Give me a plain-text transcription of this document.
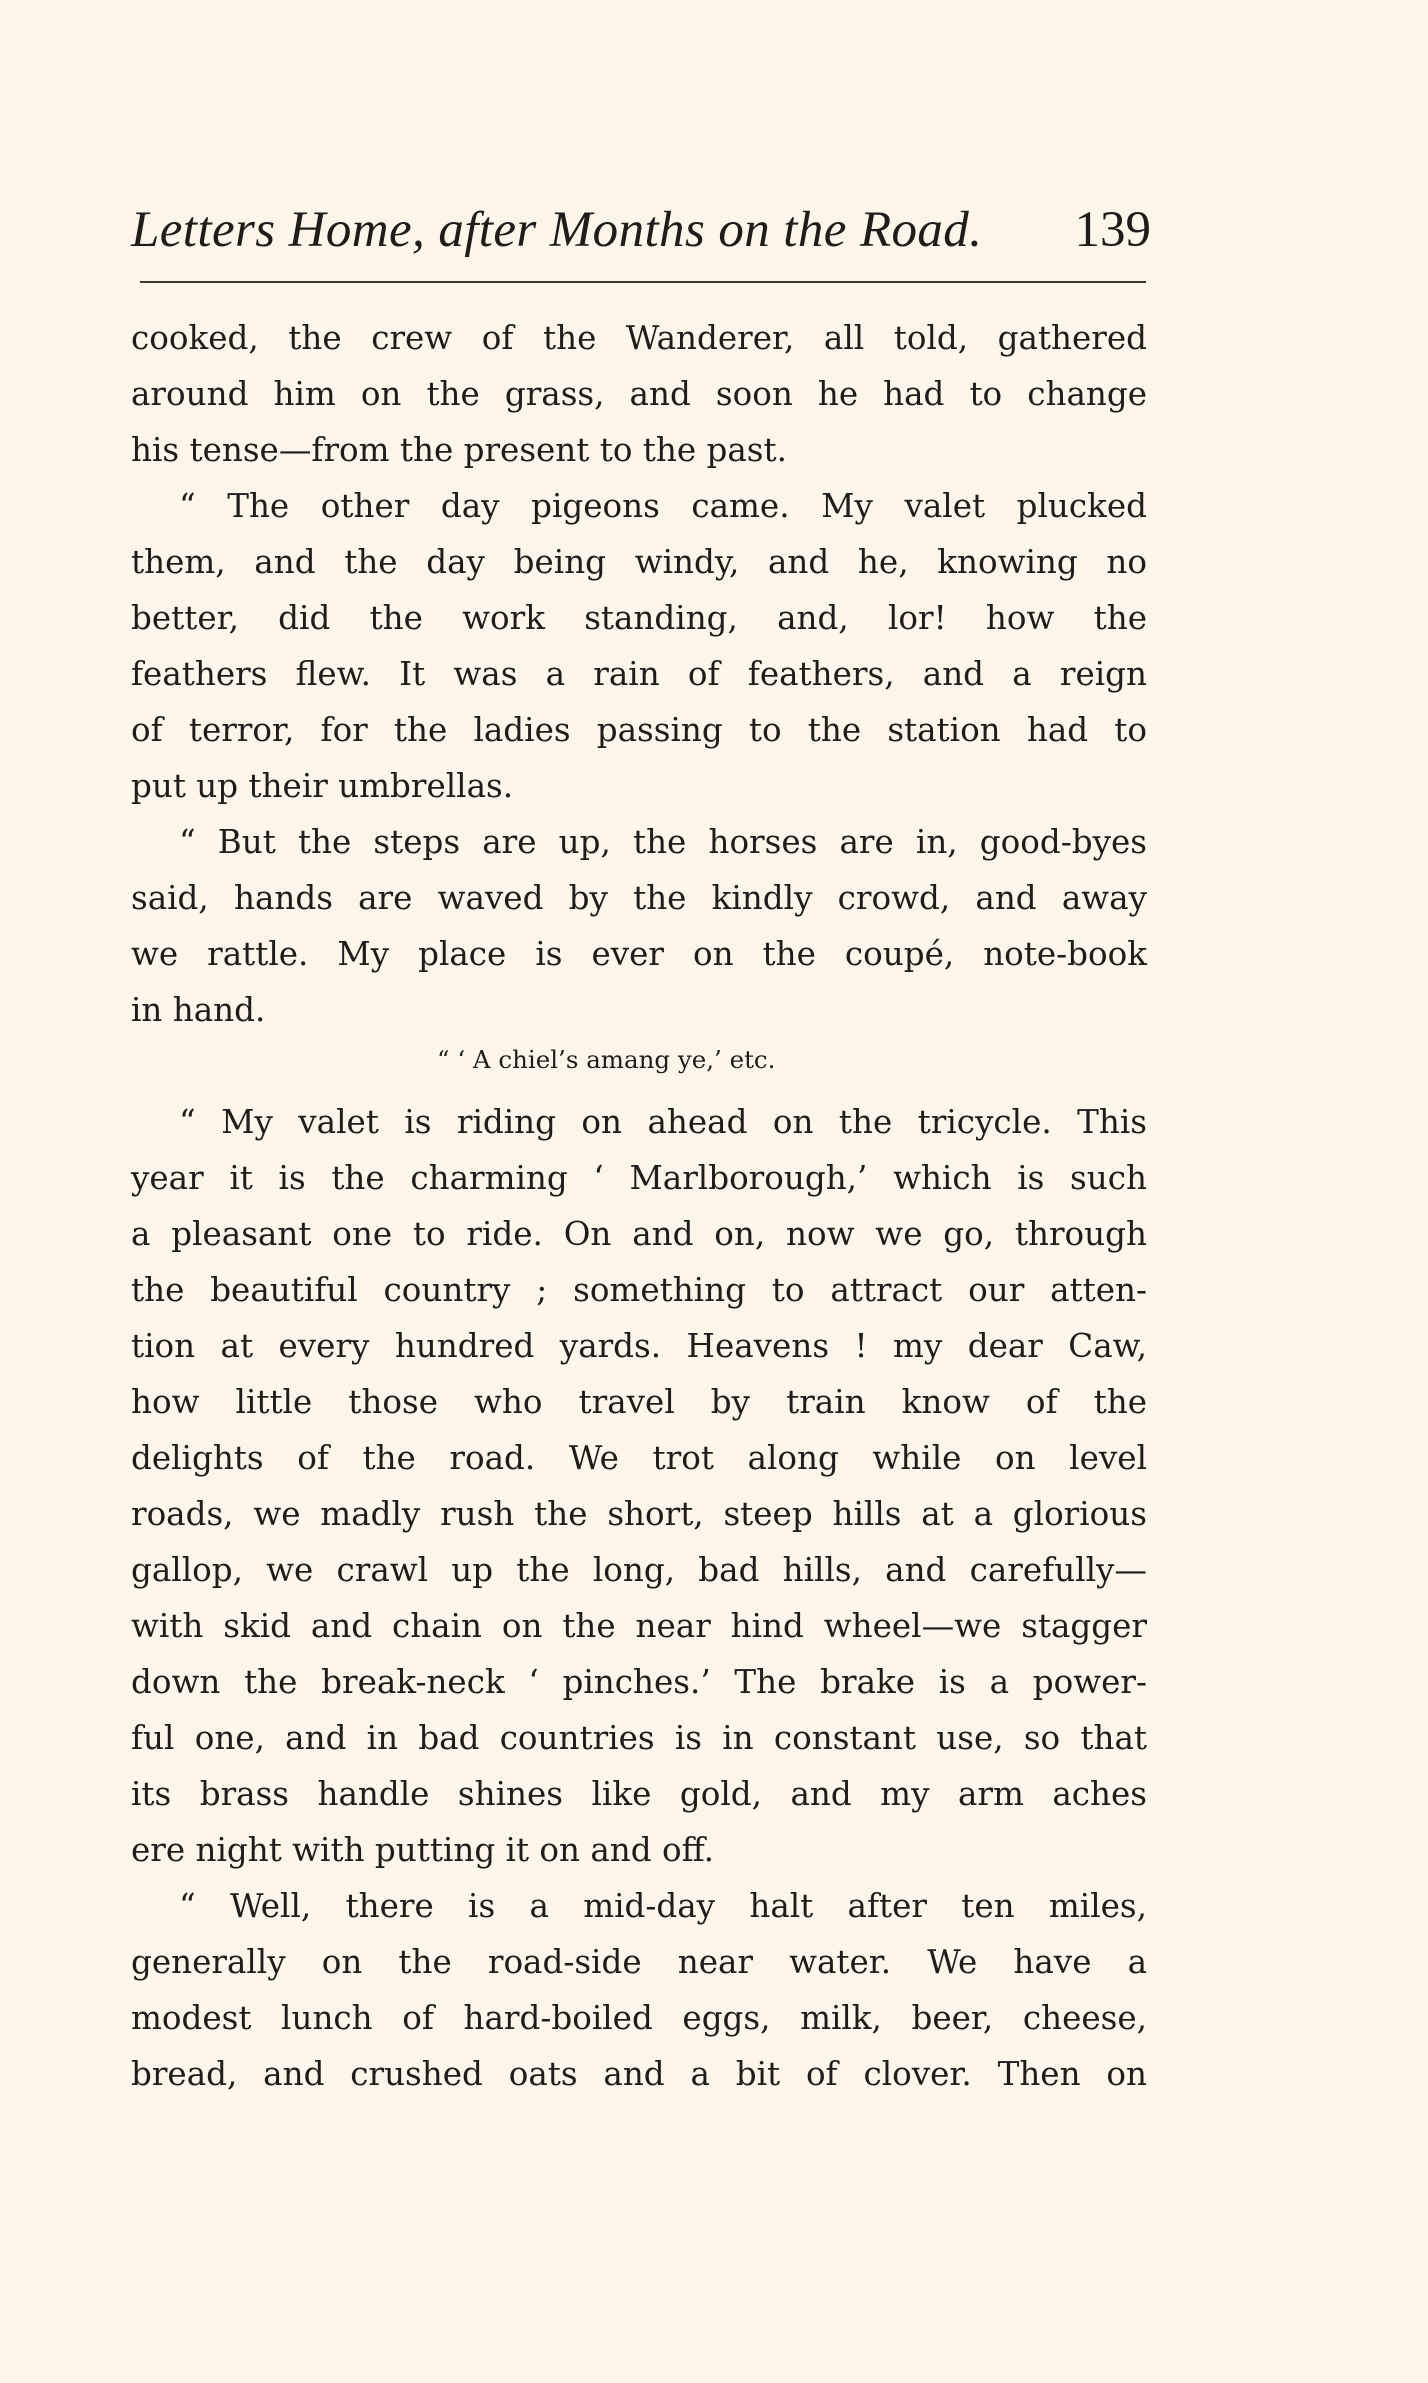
Letters Home, after Months on the Road. 139
cooked, the crew of the Wanderer, all told, gathered
around him on the grass, and soon he had to change
his tense—from the present to the past.
“ The other day pigeons came. My valet plucked
them, and the day being windy, and he, knowing no
better, did the work standing, and, lor! how the
feathers flew. It was a rain of feathers, and a reign
of terror, for the ladies passing to the station had to
put up their umbrellas.
“ But the steps are up, the horses are in, good-byes
said, hands are waved by the kindly crowd, and away
we rattle. My place is ever on the coupé, note-book
in hand.
“ ‘ A chiel’s amang ye,’ etc.
“ My valet is riding on ahead on the tricycle. This
year it is the charming ‘ Marlborough,’ which is such
a pleasant one to ride. On and on, now we go, through
the beautiful country ; something to attract our atten-
tion at every hundred yards. Heavens ! my dear Caw,
how little those who travel by train know of the
delights of the road. We trot along while on level
roads, we madly rush the short, steep hills at a glorious
gallop, we crawl up the long, bad hills, and carefully—
with skid and chain on the near hind wheel—we stagger
down the break-neck ‘ pinches.’ The brake is a power-
ful one, and in bad countries is in constant use, so that
its brass handle shines like gold, and my arm aches
ere night with putting it on and off.
“ Well, there is a mid-day halt after ten miles,
generally on the road-side near water. We have a
modest lunch of hard-boiled eggs, milk, beer, cheese,
bread, and crushed oats and a bit of clover. Then on
